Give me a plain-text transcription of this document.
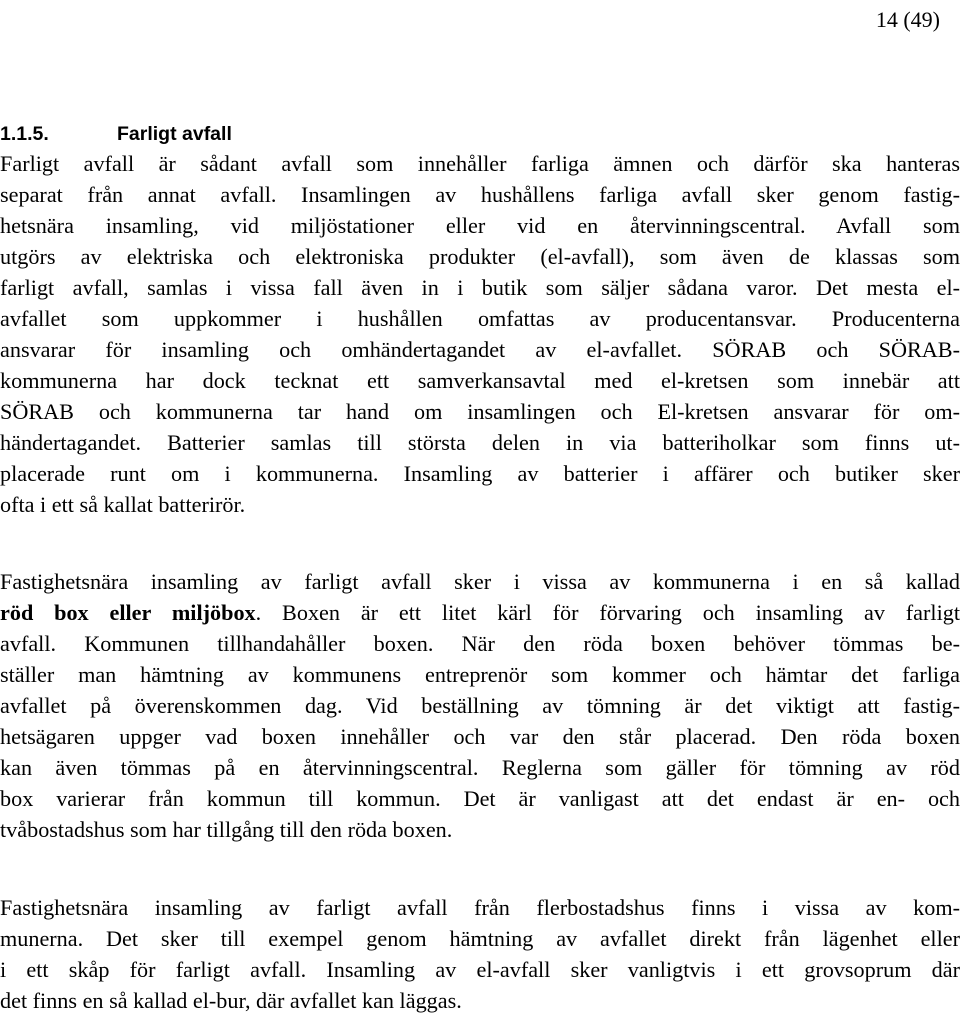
14 (49)
1.1.5.	Farligt avfall
Farligt avfall är sådant avfall som innehåller farliga ämnen och därför ska hanteras
separat från annat avfall. Insamlingen av hushållens farliga avfall sker genom fastig-
hetsnära insamling, vid miljöstationer eller vid en återvinningscentral. Avfall som
utgörs av elektriska och elektroniska produkter (el-avfall), som även de klassas som
farligt avfall, samlas i vissa fall även in i butik som säljer sådana varor. Det mesta el-
avfallet som uppkommer i hushållen omfattas av producentansvar. Producenterna
ansvarar för insamling och omhändertagandet av el-avfallet. SÖRAB och SÖRAB-
kommunerna har dock tecknat ett samverkansavtal med el-kretsen som innebär att
SÖRAB och kommunerna tar hand om insamlingen och El-kretsen ansvarar för om-
händertagandet. Batterier samlas till största delen in via batteriholkar som finns ut-
placerade runt om i kommunerna. Insamling av batterier i affärer och butiker sker
ofta i ett så kallat batterirör.
Fastighetsnära insamling av farligt avfall sker i vissa av kommunerna i en så kallad
röd box eller miljöbox. Boxen är ett litet kärl för förvaring och insamling av farligt
avfall. Kommunen tillhandahåller boxen. När den röda boxen behöver tömmas be-
ställer man hämtning av kommunens entreprenör som kommer och hämtar det farliga
avfallet på överenskommen dag. Vid beställning av tömning är det viktigt att fastig-
hetsägaren uppger vad boxen innehåller och var den står placerad. Den röda boxen
kan även tömmas på en återvinningscentral. Reglerna som gäller för tömning av röd
box varierar från kommun till kommun. Det är vanligast att det endast är en- och
tvåbostadshus som har tillgång till den röda boxen.
Fastighetsnära insamling av farligt avfall från flerbostadshus finns i vissa av kom-
munerna. Det sker till exempel genom hämtning av avfallet direkt från lägenhet eller
i ett skåp för farligt avfall. Insamling av el-avfall sker vanligtvis i ett grovsoprum där
det finns en så kallad el-bur, där avfallet kan läggas.
